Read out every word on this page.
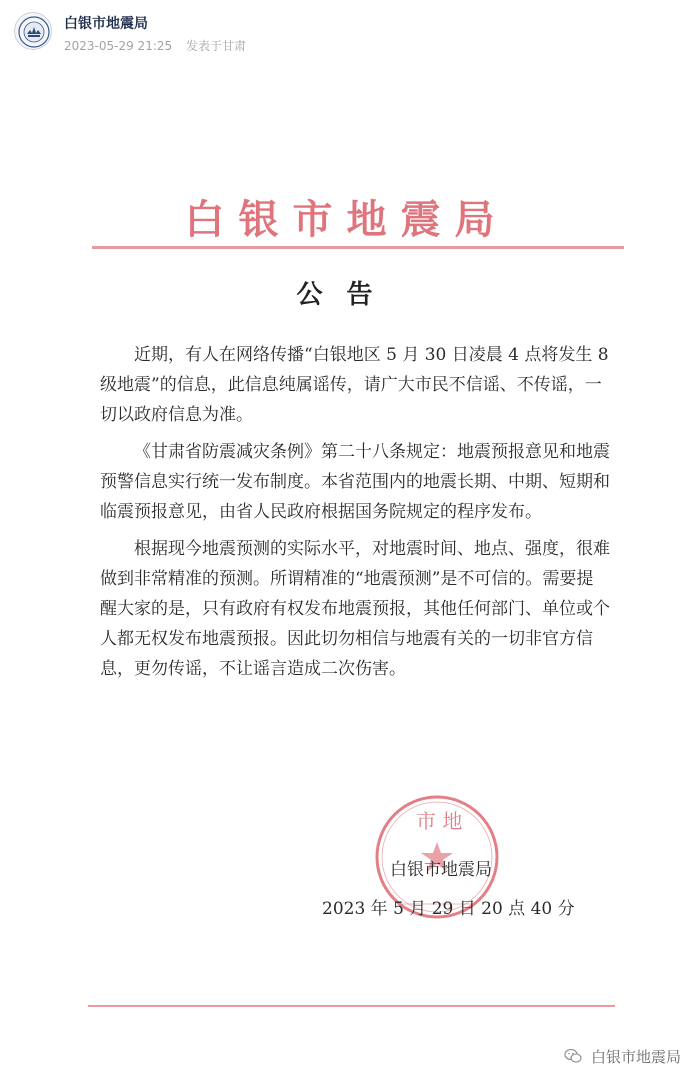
白银市地震局
2023-05-29 21:25 发表于甘肃
白银市地震局
公告

近期，有人在网络传播“白银地区 5 月 30 日凌晨 4 点将发生 8 级地震”的信息，此信息纯属谣传，请广大市民不信谣、不传谣，一切以政府信息为准。

《甘肃省防震减灾条例》第二十八条规定：地震预报意见和地震预警信息实行统一发布制度。本省范围内的地震长期、中期、短期和临震预报意见，由省人民政府根据国务院规定的程序发布。

根据现今地震预测的实际水平，对地震时间、地点、强度，很难做到非常精准的预测。所谓精准的“地震预测”是不可信的。需要提醒大家的是，只有政府有权发布地震预报，其他任何部门、单位或个人都无权发布地震预报。因此切勿相信与地震有关的一切非官方信息，更勿传谣，不让谣言造成二次伤害。

市 地
白银市地震局
2023 年 5 月 29 日 20 点 40 分
白银市地震局
